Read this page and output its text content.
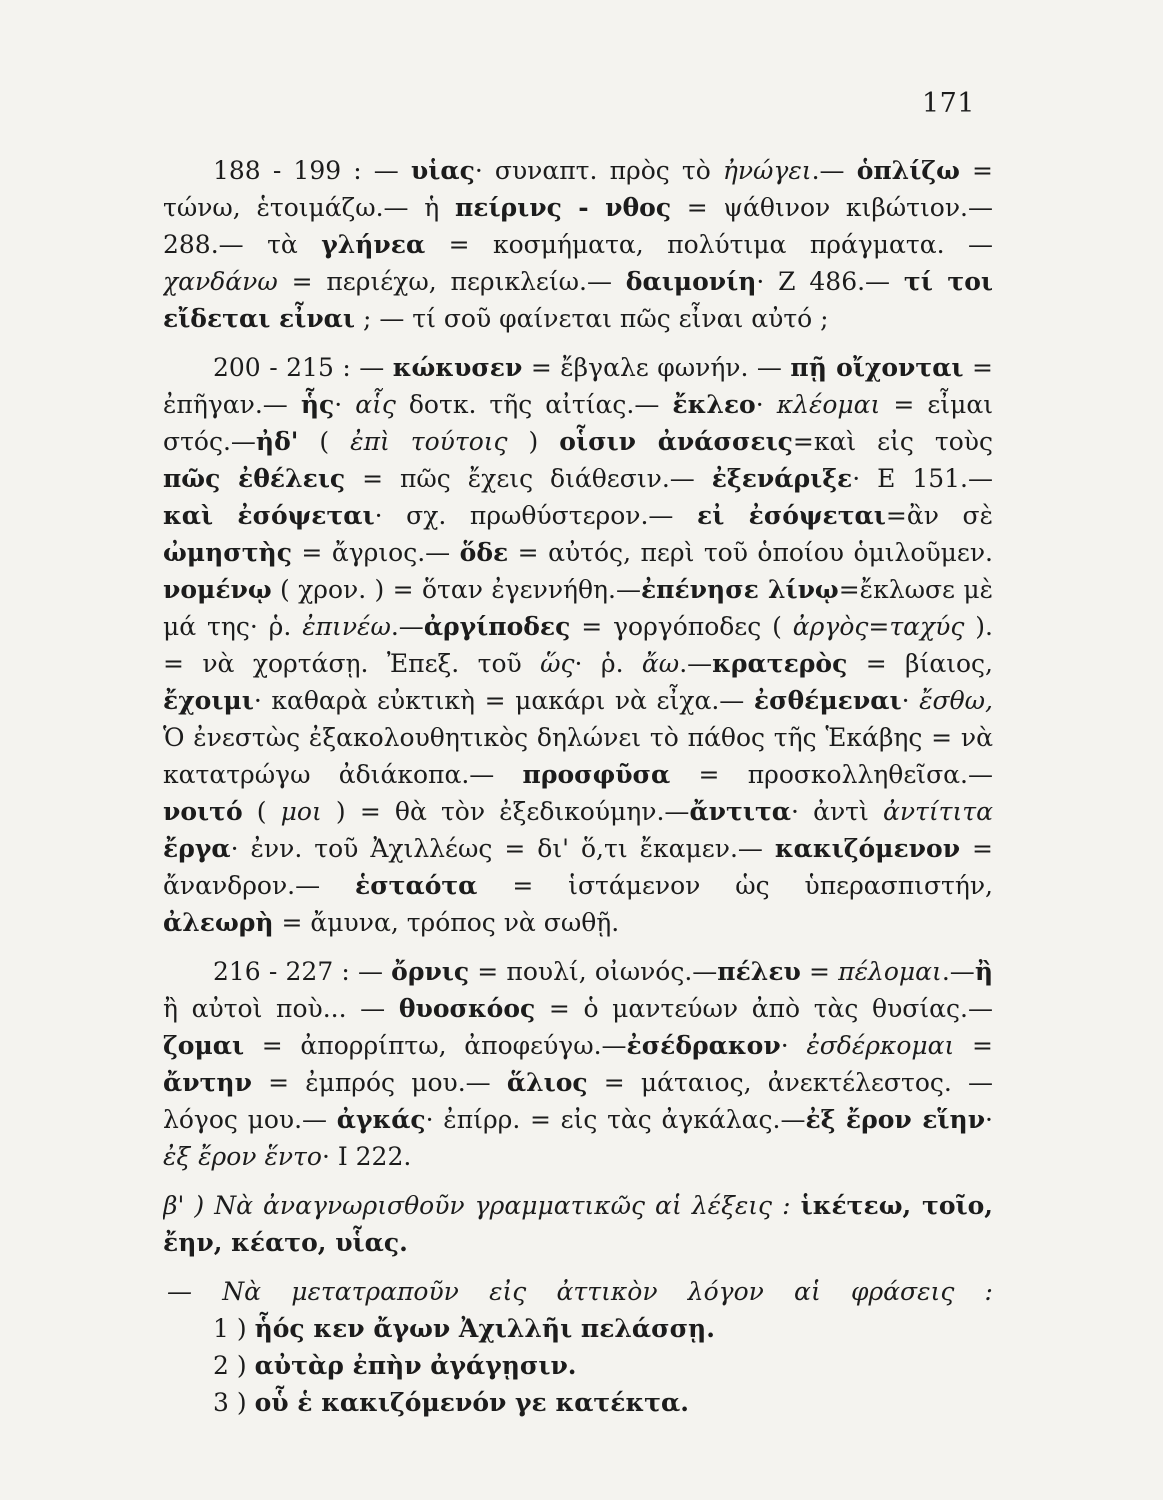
171
188 - 199 : — υἱας· συναπτ. πρὸς τὸ ἠνώγει.— ὁπλίζω =
τώνω, ἑτοιμάζω.— ἡ πείρινς - νθος = ψάθινον κιβώτιον.—
288.— τὰ γλήνεα = κοσμήματα, πολύτιμα πράγματα. —
χανδάνω = περιέχω, περικλείω.— δαιμονίη· Z 486.— τί τοι
εἴδεται εἶναι ; — τί σοῦ φαίνεται πῶς εἶναι αὐτό ;
200 - 215 : — κώκυσεν = ἔβγαλε φωνήν. — πῇ οἴχονται =
ἐπῆγαν.— ἧς· αἷς δοτκ. τῆς αἰτίας.— ἔκλεο· κλέομαι = εἶμαι
στός.—ἠδ' ( ἐπὶ τούτοις ) οἷσιν ἀνάσσεις=καὶ εἰς τοὺς
πῶς ἐθέλεις = πῶς ἔχεις διάθεσιν.— ἐξενάριξε· E 151.—
καὶ ἐσόψεται· σχ. πρωθύστερον.— εἰ ἐσόψεται=ἂν σὲ
ὠμηστὴς = ἄγριος.— ὅδε = αὐτός, περὶ τοῦ ὁποίου ὁμιλοῦμεν.
νομένῳ ( χρον. ) = ὅταν ἐγεννήθη.—ἐπένησε λίνῳ=ἔκλωσε μὲ
μά της· ῥ. ἐπινέω.—ἀργίποδες = γοργόποδες ( ἀργὸς=ταχύς ).
= νὰ χορτάσῃ. Ἐπεξ. τοῦ ὥς· ῥ. ἄω.—κρατερὸς = βίαιος,
ἔχοιμι· καθαρὰ εὐκτικὴ = μακάρι νὰ εἶχα.— ἐσθέμεναι· ἔσθω,
Ὁ ἐνεστὼς ἐξακολουθητικὸς δηλώνει τὸ πάθος τῆς Ἑκάβης = νὰ
κατατρώγω ἀδιάκοπα.— προσφῦσα = προσκολληθεῖσα.—
νοιτό ( μοι ) = θὰ τὸν ἐξεδικούμην.—ἄντιτα· ἀντὶ ἀντίτιτα
ἔργα· ἐνν. τοῦ Ἀχιλλέως = δι' ὅ,τι ἔκαμεν.— κακιζόμενον =
ἄνανδρον.— ἑσταότα = ἱστάμενον ὡς ὑπερασπιστήν,
ἀλεωρὴ = ἄμυνα, τρόπος νὰ σωθῇ.
216 - 227 : — ὄρνις = πουλί, οἰωνός.—πέλευ = πέλομαι.—ἢ
ἢ αὐτοὶ ποὺ... — θυοσκόος = ὁ μαντεύων ἀπὸ τὰς θυσίας.—
ζομαι = ἀπορρίπτω, ἀποφεύγω.—ἐσέδρακον· ἐσδέρκομαι =
ἄντην = ἐμπρός μου.— ἅλιος = μάταιος, ἀνεκτέλεστος. —
λόγος μου.— ἀγκάς· ἐπίρρ. = εἰς τὰς ἀγκάλας.—ἐξ ἔρον εἵην·
ἐξ ἔρον ἕντο· I 222.
β' ) Νὰ ἀναγνωρισθοῦν γραμματικῶς αἱ λέξεις : ἱκέτεω, τοῖο,
ἔην, κέατο, υἷας.
— Νὰ μετατραποῦν εἰς ἀττικὸν λόγον αἱ φράσεις :
1 ) ἧός κεν ἄγων Ἀχιλλῆι πελάσσῃ.
2 ) αὐτὰρ ἐπὴν ἀγάγῃσιν.
3 ) οὗ ἑ κακιζόμενόν γε κατέκτα.
